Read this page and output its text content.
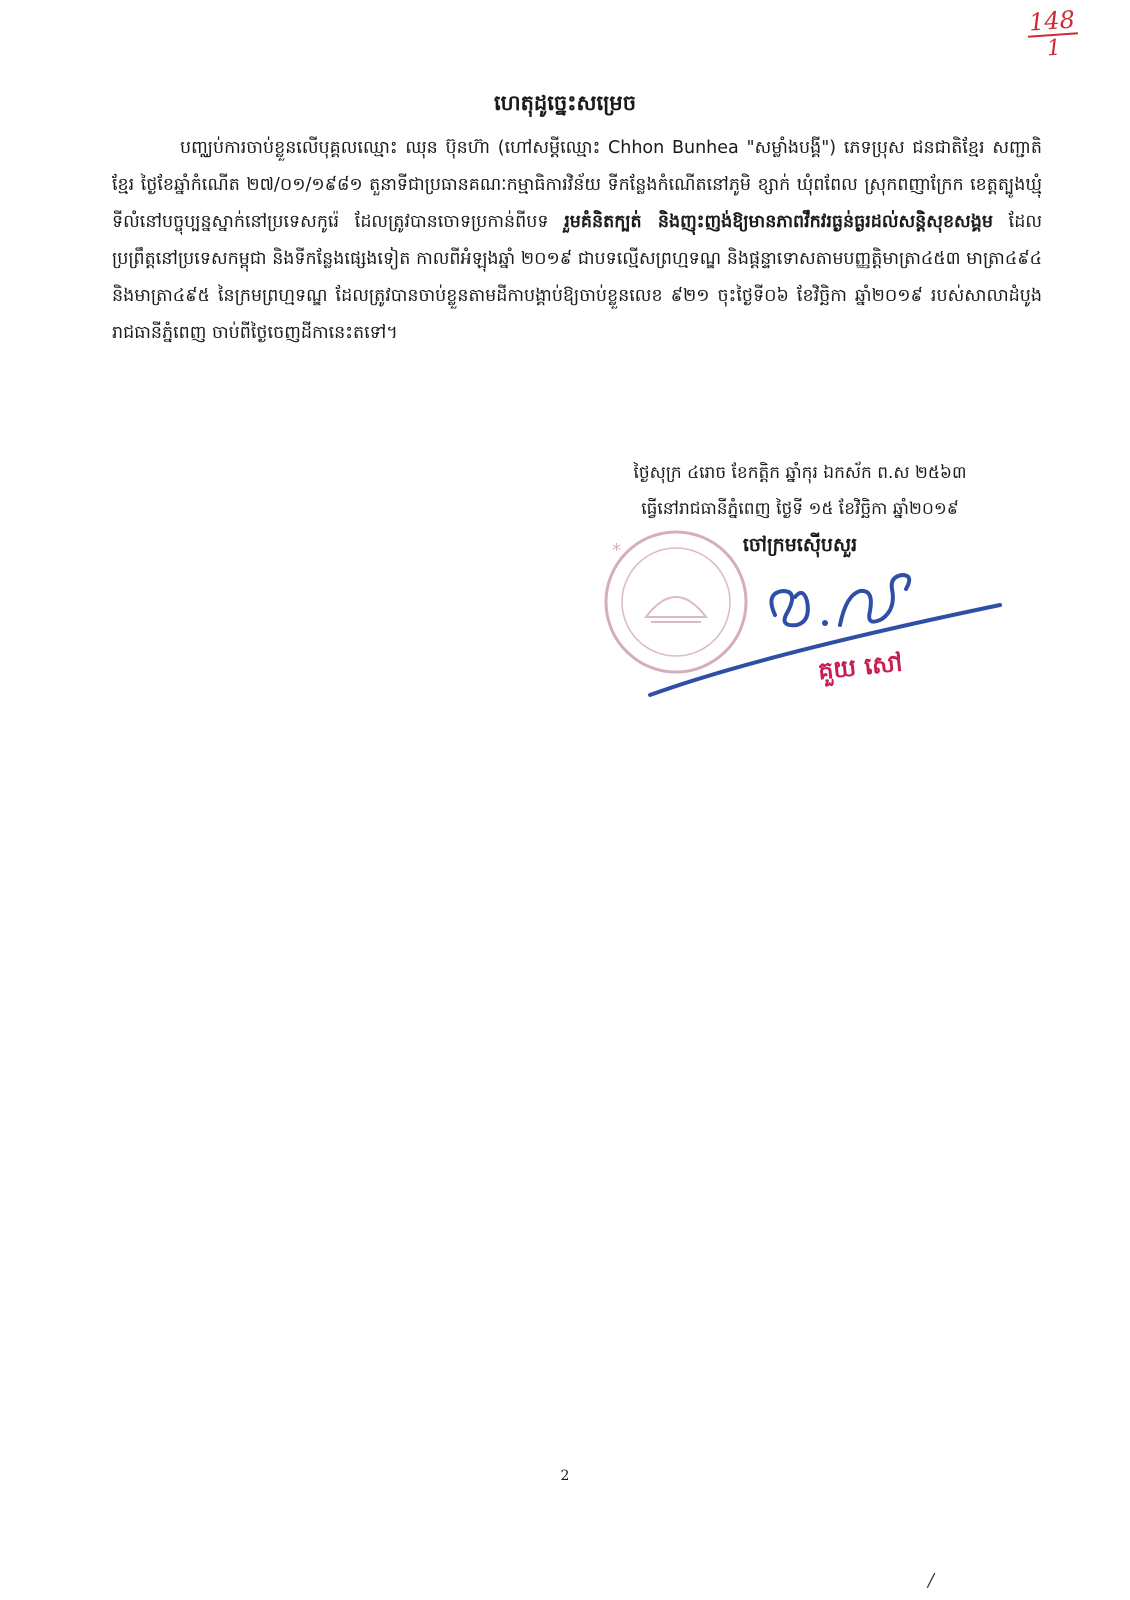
148
1
ហេតុដូច្នេះសម្រេច

បញ្ឈប់ការចាប់ខ្លួនលើបុគ្គលឈ្មោះ ឈុន ប៊ុនហ៊ា (ហៅសម្ដីឈ្មោះ Chhon Bunhea "សម្លាំងបង្គី") ភេទប្រុស ជនជាតិខ្មែរ សញ្ជាតិខ្មែរ ថ្ងៃខែឆ្នាំកំណើត ២៧/០១/១៩៨១ តួនាទីជាប្រធានគណៈកម្មាធិការវិន័យ ទីកន្លែងកំណើតនៅភូមិ ខ្សាក់ ឃុំពពែល ស្រុកពញាក្រែក ខេត្តត្បូងឃ្មុំ ទីលំនៅបច្ចុប្បន្នស្នាក់នៅប្រទេសកូរ៉េ ដែលត្រូវបានចោទប្រកាន់ពីបទ រួមគំនិតក្បត់ និងញុះញង់ឱ្យមានភាពវឹកវរធ្ងន់ធ្ងរដល់សន្តិសុខសង្គម ដែលប្រព្រឹត្តនៅប្រទេសកម្ពុជា និងទីកន្លែងផ្សេងទៀត កាលពីអំឡុងឆ្នាំ ២០១៩ ជាបទល្មើសព្រហ្មទណ្ឌ និងផ្ដន្ទាទោសតាមបញ្ញត្តិមាត្រា៤៥៣ មាត្រា៤៩៤ និងមាត្រា៤៩៥ នៃក្រមព្រហ្មទណ្ឌ ដែលត្រូវបានចាប់ខ្លួនតាមដីកាបង្គាប់ឱ្យចាប់ខ្លួនលេខ ៩២១ ចុះថ្ងៃទី០៦ ខែវិច្ឆិកា ឆ្នាំ២០១៩ របស់សាលាដំបូងរាជធានីភ្នំពេញ ចាប់ពីថ្ងៃចេញដីកានេះតទៅ។

ថ្ងៃសុក្រ ៤រោច ខែកត្ដិក ឆ្នាំកុរ ឯកស័ក ព.ស ២៥៦៣
ធ្វើនៅរាជធានីភ្នំពេញ ថ្ងៃទី ១៥ ខែវិច្ឆិកា ឆ្នាំ២០១៩
ចៅក្រមស៊ើបសួរ
*
គួយ សៅ
2
/
